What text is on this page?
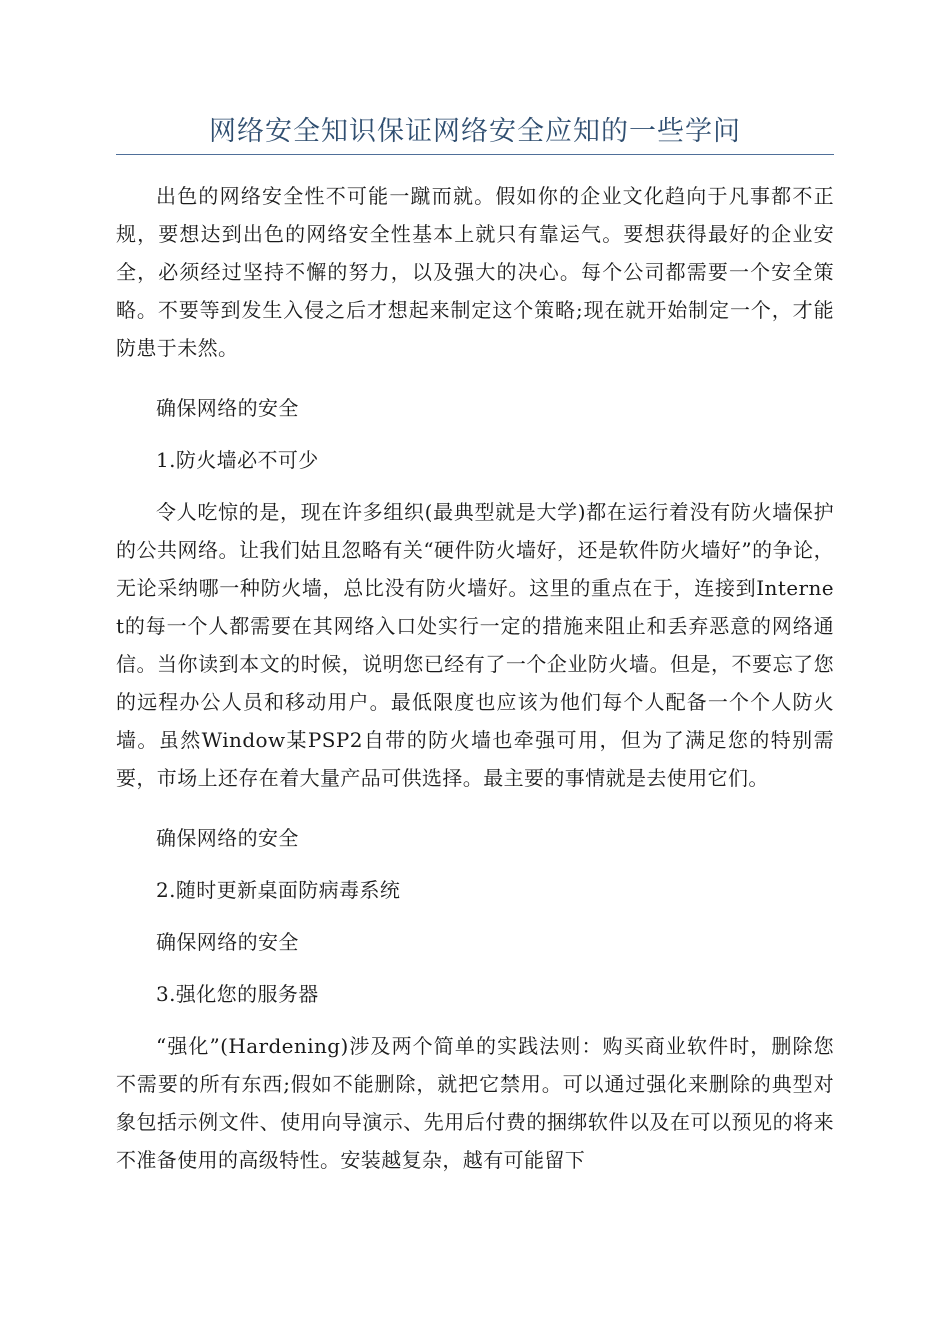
网络安全知识保证网络安全应知的一些学问

出色的网络安全性不可能一蹴而就。假如你的企业文化趋向于凡事都不正规，要想达到出色的网络安全性基本上就只有靠运气。要想获得最好的企业安全，必须经过坚持不懈的努力，以及强大的决心。每个公司都需要一个安全策略。不要等到发生入侵之后才想起来制定这个策略;现在就开始制定一个，才能防患于未然。

确保网络的安全

1.防火墙必不可少

令人吃惊的是，现在许多组织(最典型就是大学)都在运行着没有防火墙保护的公共网络。让我们姑且忽略有关“硬件防火墙好，还是软件防火墙好”的争论，无论采纳哪一种防火墙，总比没有防火墙好。这里的重点在于，连接到Internet的每一个人都需要在其网络入口处实行一定的措施来阻止和丢弃恶意的网络通信。当你读到本文的时候，说明您已经有了一个企业防火墙。但是，不要忘了您的远程办公人员和移动用户。最低限度也应该为他们每个人配备一个个人防火墙。虽然Window某PSP2自带的防火墙也牵强可用，但为了满足您的特别需要，市场上还存在着大量产品可供选择。最主要的事情就是去使用它们。

确保网络的安全

2.随时更新桌面防病毒系统

确保网络的安全

3.强化您的服务器

“强化”(Hardening)涉及两个简单的实践法则：购买商业软件时，删除您不需要的所有东西;假如不能删除，就把它禁用。可以通过强化来删除的典型对象包括示例文件、使用向导演示、先用后付费的捆绑软件以及在可以预见的将来不准备使用的高级特性。安装越复杂，越有可能留下
